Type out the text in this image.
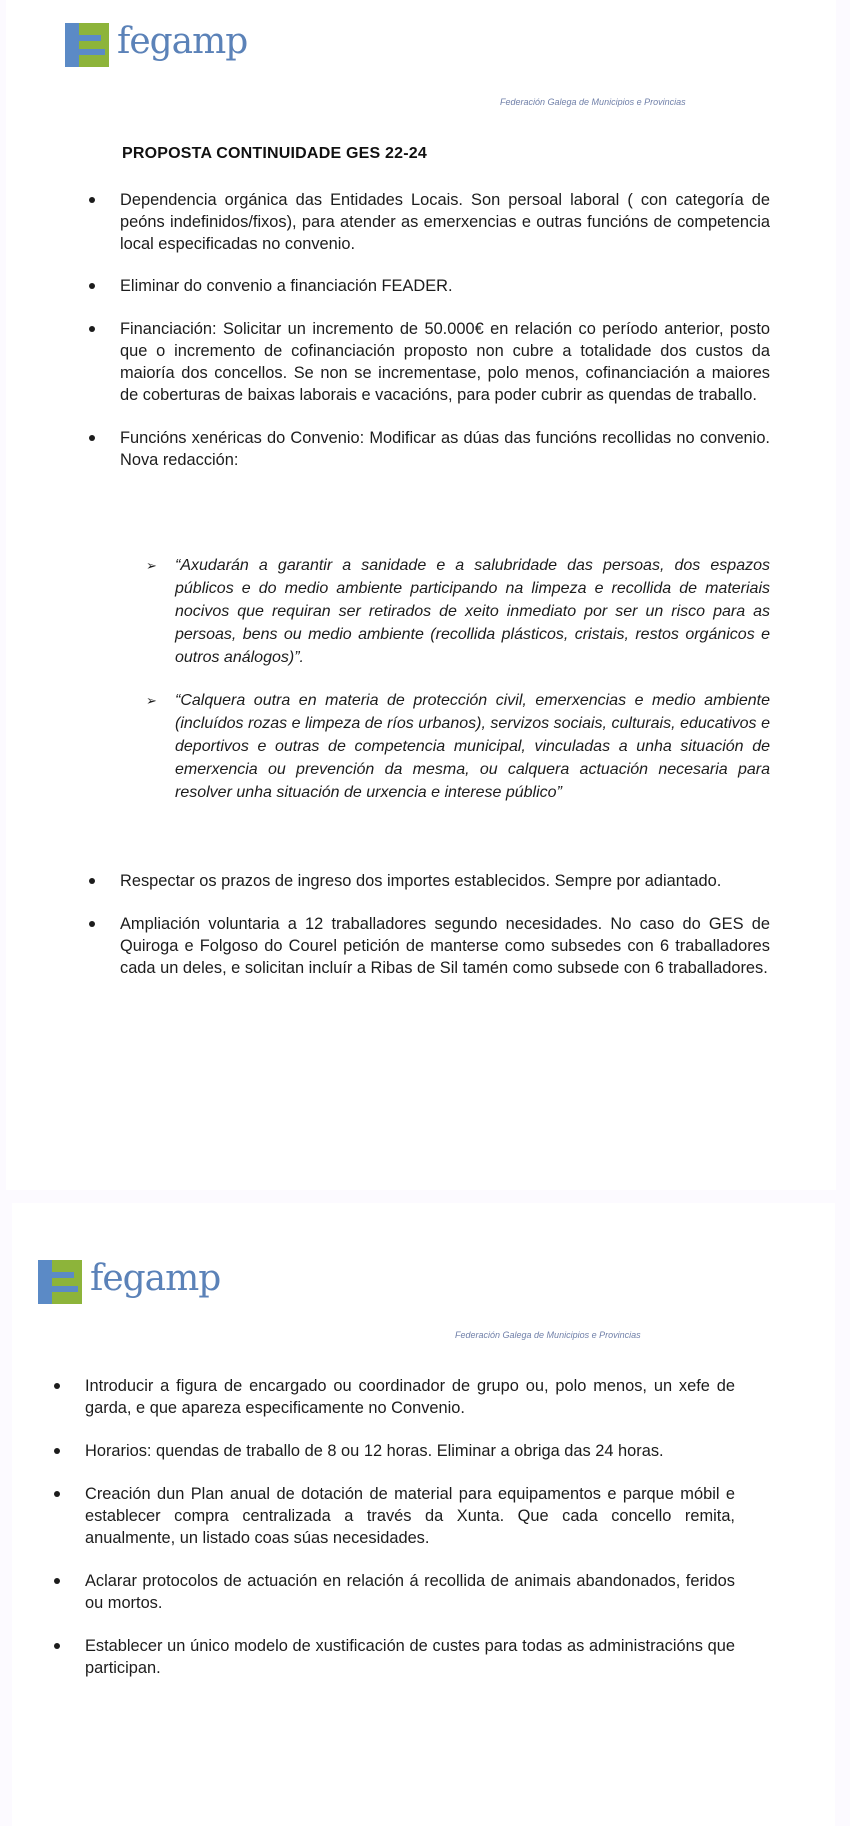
fegamp
Federación Galega de Municipios e Provincias
PROPOSTA CONTINUIDADE GES 22-24
Dependencia orgánica das Entidades Locais. Son persoal laboral ( con categoría de peóns indefinidos/fixos), para atender as emerxencias e outras funcións de competencia local especificadas no convenio.
Eliminar do convenio a financiación FEADER.
Financiación: Solicitar un incremento de 50.000€ en relación co período anterior, posto que o incremento de cofinanciación proposto non cubre a totalidade dos custos da maioría dos concellos. Se non se incrementase, polo menos, cofinanciación a maiores de coberturas de baixas laborais e vacacións, para poder cubrir as quendas de traballo.
Funcións xenéricas do Convenio: Modificar as dúas das funcións recollidas no convenio. Nova redacción:
➢ “Axudarán a garantir a sanidade e a salubridade das persoas, dos espazos públicos e do medio ambiente participando na limpeza e recollida de materiais nocivos que requiran ser retirados de xeito inmediato por ser un risco para as persoas, bens ou medio ambiente (recollida plásticos, cristais, restos orgánicos e outros análogos)”.
➢ “Calquera outra en materia de protección civil, emerxencias e medio ambiente (incluídos rozas e limpeza de ríos urbanos), servizos sociais, culturais, educativos e deportivos e outras de competencia municipal, vinculadas a unha situación de emerxencia ou prevención da mesma, ou calquera actuación necesaria para resolver unha situación de urxencia e interese público”
Respectar os prazos de ingreso dos importes establecidos. Sempre por adiantado.
Ampliación voluntaria a 12 traballadores segundo necesidades. No caso do GES de Quiroga e Folgoso do Courel petición de manterse como subsedes con 6 traballadores cada un deles, e solicitan incluír a Ribas de Sil tamén como subsede con 6 traballadores.
fegamp
Federación Galega de Municipios e Provincias
Introducir a figura de encargado ou coordinador de grupo ou, polo menos, un xefe de garda, e que apareza especificamente no Convenio.
Horarios: quendas de traballo de 8 ou 12 horas. Eliminar a obriga das 24 horas.
Creación dun Plan anual de dotación de material para equipamentos e parque móbil e establecer compra centralizada a través da Xunta. Que cada concello remita, anualmente, un listado coas súas necesidades.
Aclarar protocolos de actuación en relación á recollida de animais abandonados, feridos ou mortos.
Establecer un único modelo de xustificación de custes para todas as administracións que participan.
